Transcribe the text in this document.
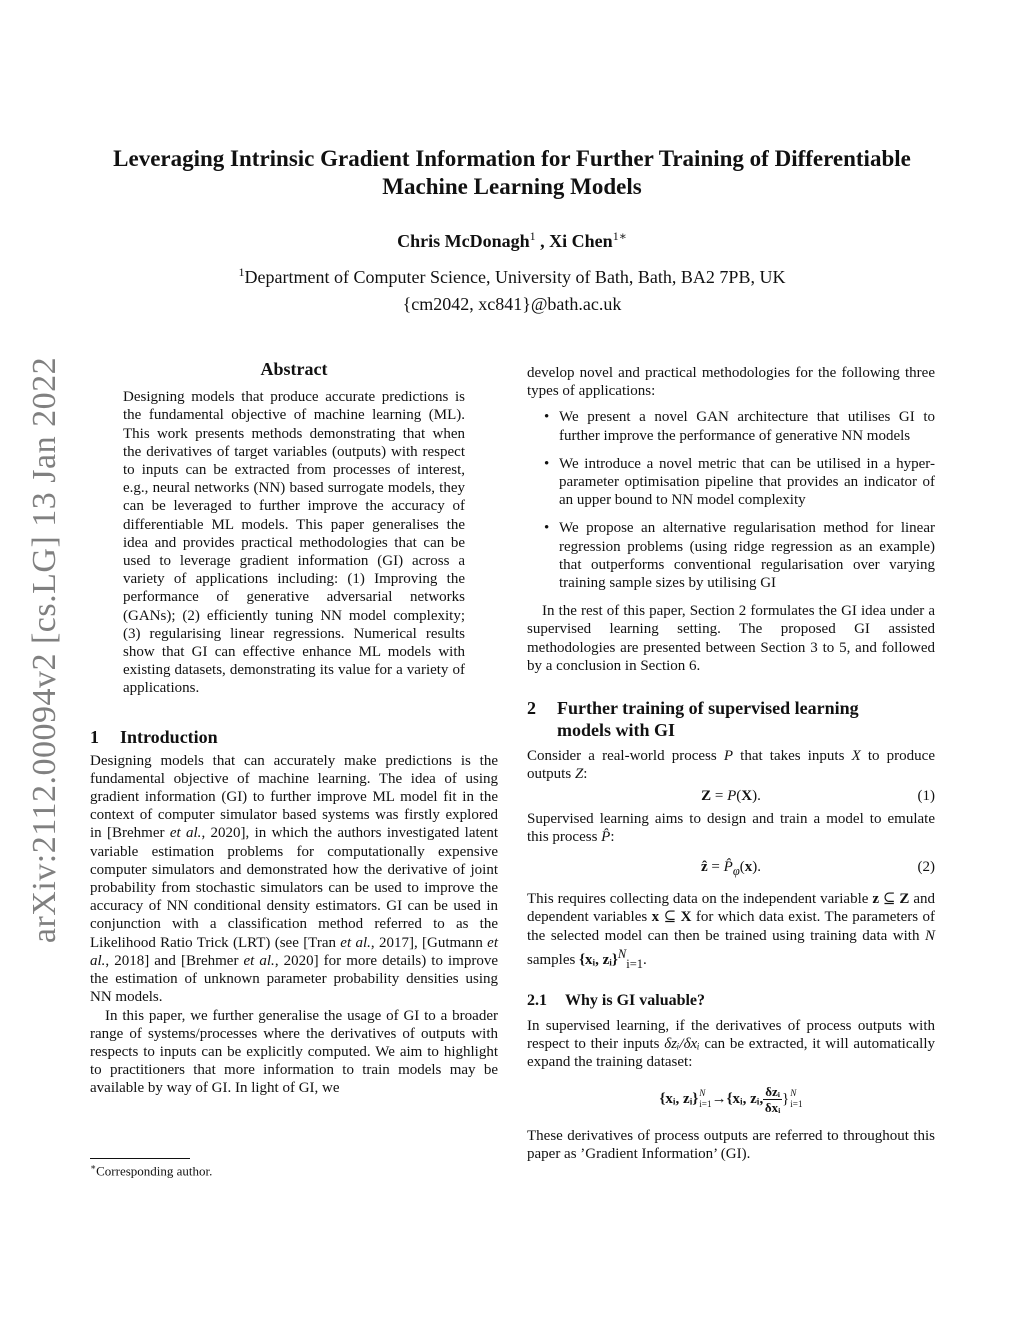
arXiv:2112.00094v2 [cs.LG] 13 Jan 2022
Leveraging Intrinsic Gradient Information for Further Training of Differentiable
Machine Learning Models
Chris McDonagh$^1$ , Xi Chen$^{1∗}$
$^1$Department of Computer Science, University of Bath, Bath, BA2 7PB, UK
{cm2042, xc841}@bath.ac.uk
Abstract

Designing models that produce accurate predictions is the fundamental objective of machine learning (ML). This work presents methods demonstrating that when the derivatives of target variables (outputs) with respect to inputs can be extracted from processes of interest, e.g., neural networks (NN) based surrogate models, they can be leveraged to further improve the accuracy of differentiable ML models. This paper generalises the idea and provides practical methodologies that can be used to leverage gradient information (GI) across a variety of applications including: (1) Improving the performance of generative adversarial networks (GANs); (2) efficiently tuning NN model complexity; (3) regularising linear regressions. Numerical results show that GI can effective enhance ML models with existing datasets, demonstrating its value for a variety of applications.

1	Introduction

Designing models that can accurately make predictions is the fundamental objective of machine learning. The idea of using gradient information (GI) to further improve ML model fit in the context of computer simulator based systems was firstly explored in [Brehmer et al., 2020], in which the authors investigated latent variable estimation problems for computationally expensive computer simulators and demonstrated how the derivative of joint probability from stochastic simulators can be used to improve the accuracy of NN conditional density estimators. GI can be used in conjunction with a classification method referred to as the Likelihood Ratio Trick (LRT) (see [Tran et al., 2017], [Gutmann et al., 2018] and [Brehmer et al., 2020] for more details) to improve the estimation of unknown parameter probability densities using NN models.

In this paper, we further generalise the usage of GI to a broader range of systems/processes where the derivatives of outputs with respects to inputs can be explicitly computed. We aim to highlight to practitioners that more information to train models may be available by way of GI. In light of GI, we

∗Corresponding author.

develop novel and practical methodologies for the following three types of applications:

• We present a novel GAN architecture that utilises GI to further improve the performance of generative NN models
• We introduce a novel metric that can be utilised in a hyper-parameter optimisation pipeline that provides an indicator of an upper bound to NN model complexity
• We propose an alternative regularisation method for linear regression problems (using ridge regression as an example) that outperforms conventional regularisation over varying training sample sizes by utilising GI

In the rest of this paper, Section 2 formulates the GI idea under a supervised learning setting. The proposed GI assisted methodologies are presented between Section 3 to 5, and followed by a conclusion in Section 6.

2	Further training of supervised learning
models with GI

Consider a real-world process P that takes inputs X to produce outputs Z:

Z = P(X).	(1)

Supervised learning aims to design and train a model to emulate this process P̂:

ẑ = $P̂_\varphi(x)$.	(2)

This requires collecting data on the independent variable z ⊆ Z and dependent variables x ⊆ X for which data exist. The parameters of the selected model can then be trained using training data with N samples {xᵢ, zᵢ}$^N_{i=1}$.

2.1	Why is GI valuable?

In supervised learning, if the derivatives of process outputs with respect to their inputs δzᵢ/δxᵢ can be extracted, it will automatically expand the training dataset:

{xᵢ, zᵢ} N
i=1 → {xᵢ, zᵢ, $\frac{\text{δzᵢ}}{\text{δxᵢ}}$ } N
i=1

These derivatives of process outputs are referred to throughout this paper as ’Gradient Information’ (GI).
